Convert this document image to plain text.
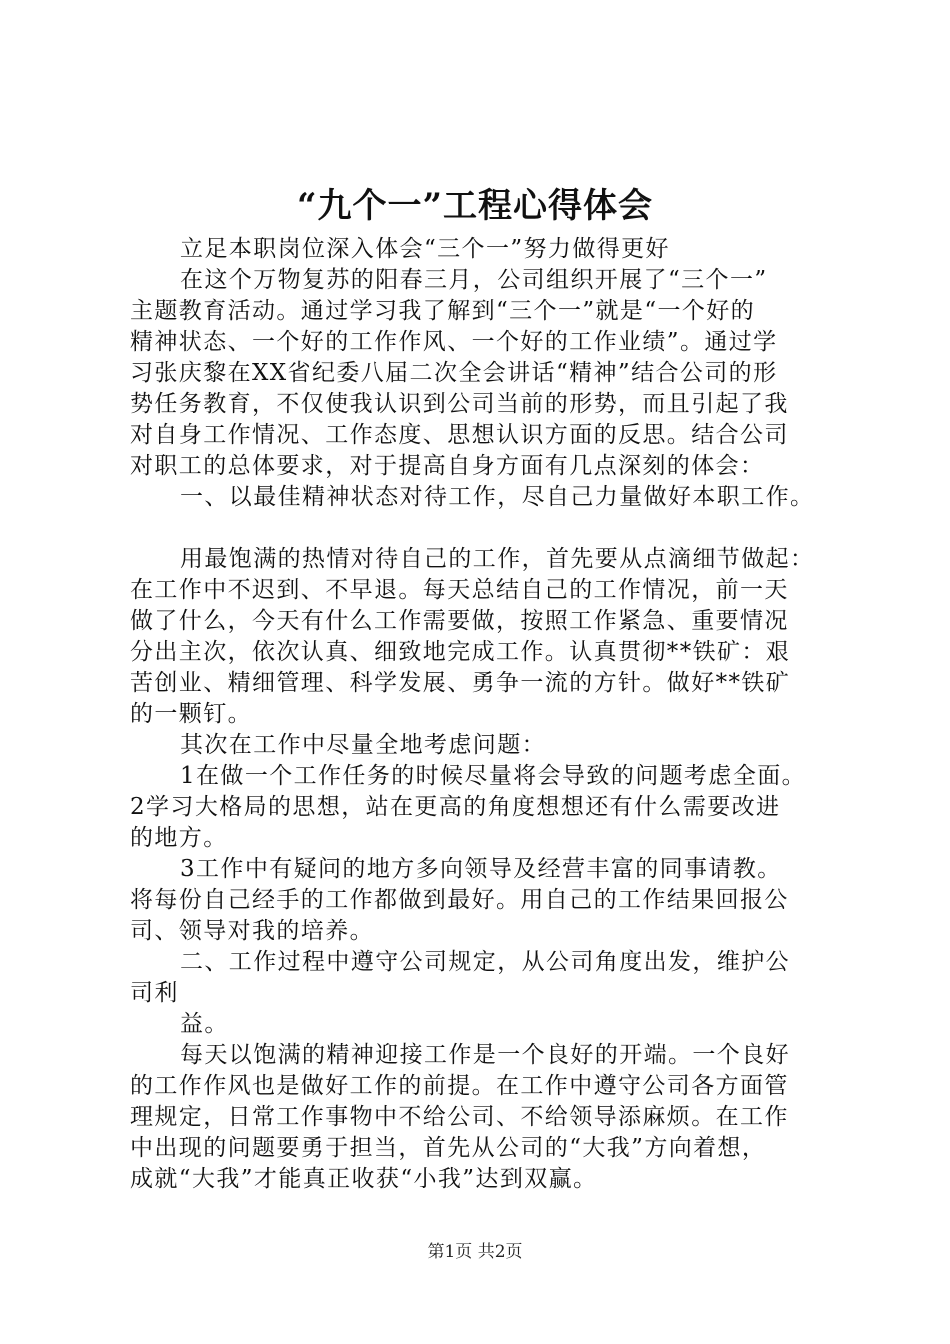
“九个一”工程心得体会
立足本职岗位深入体会“三个一”努力做得更好
在这个万物复苏的阳春三月，公司组织开展了“三个一”
主题教育活动。通过学习我了解到“三个一”就是“一个好的
精神状态、一个好的工作作风、一个好的工作业绩”。通过学
习张庆黎在XX省纪委八届二次全会讲话“精神”结合公司的形
势任务教育，不仅使我认识到公司当前的形势，而且引起了我
对自身工作情况、工作态度、思想认识方面的反思。结合公司
对职工的总体要求，对于提高自身方面有几点深刻的体会：
一、以最佳精神状态对待工作，尽自己力量做好本职工作。
用最饱满的热情对待自己的工作，首先要从点滴细节做起：
在工作中不迟到、不早退。每天总结自己的工作情况，前一天
做了什么，今天有什么工作需要做，按照工作紧急、重要情况
分出主次，依次认真、细致地完成工作。认真贯彻**铁矿：艰
苦创业、精细管理、科学发展、勇争一流的方针。做好**铁矿
的一颗钉。
其次在工作中尽量全地考虑问题：
1在做一个工作任务的时候尽量将会导致的问题考虑全面。
2学习大格局的思想，站在更高的角度想想还有什么需要改进
的地方。
3工作中有疑问的地方多向领导及经营丰富的同事请教。
将每份自己经手的工作都做到最好。用自己的工作结果回报公
司、领导对我的培养。
二、工作过程中遵守公司规定，从公司角度出发，维护公
司利
益。
每天以饱满的精神迎接工作是一个良好的开端。一个良好
的工作作风也是做好工作的前提。在工作中遵守公司各方面管
理规定，日常工作事物中不给公司、不给领导添麻烦。在工作
中出现的问题要勇于担当，首先从公司的“大我”方向着想，
成就“大我”才能真正收获“小我”达到双赢。
第1页 共2页
